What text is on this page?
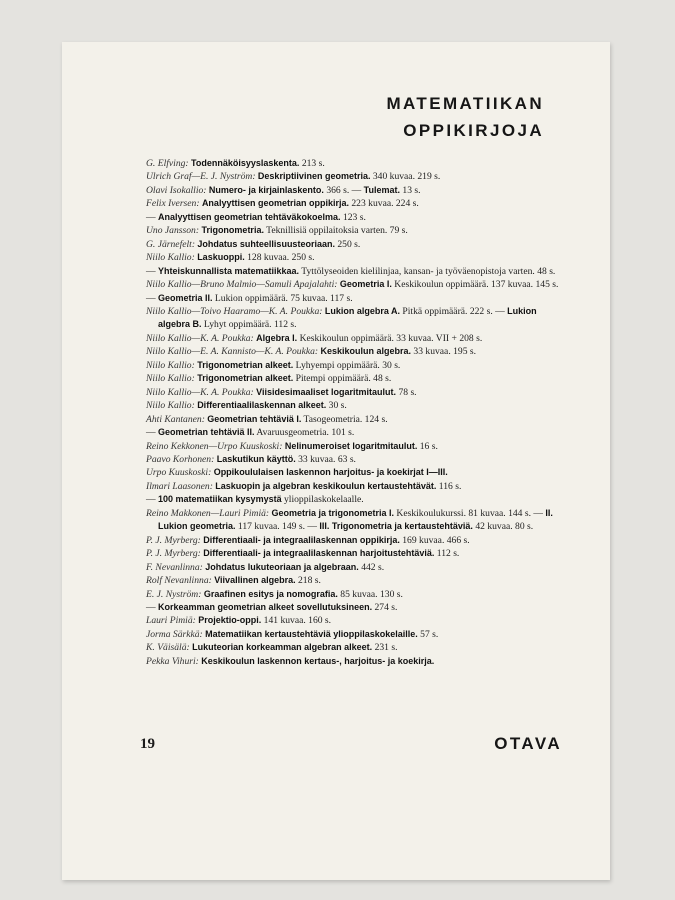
MATEMATIIKAN
OPPIKIRJOJA
G. Elfving: Todennäköisyyslaskenta. 213 s.
Ulrich Graf—E. J. Nyström: Deskriptiivinen geometria. 340 kuvaa. 219 s.
Olavi Isokallio: Numero- ja kirjainlaskento. 366 s. — Tulemat. 13 s.
Felix Iversen: Analyyttisen geometrian oppikirja. 223 kuvaa. 224 s.
— Analyyttisen geometrian tehtäväkokoelma. 123 s.
Uno Jansson: Trigonometria. Teknillisiä oppilaitoksia varten. 79 s.
G. Järnefelt: Johdatus suhteellisuusteoriaan. 250 s.
Niilo Kallio: Laskuoppi. 128 kuvaa. 250 s.
— Yhteiskunnallista matematiikkaa. Tyttölyseoiden kielilinjaa, kansan- ja työväenopistoja varten. 48 s.
Niilo Kallio—Bruno Malmio—Samuli Apajalahti: Geometria I. Keskikoulun oppimäärä. 137 kuvaa. 145 s.
— Geometria II. Lukion oppimäärä. 75 kuvaa. 117 s.
Niilo Kallio—Toivo Haaramo—K. A. Poukka: Lukion algebra A. Pitkä oppimäärä. 222 s. — Lukion algebra B. Lyhyt oppimäärä. 112 s.
Niilo Kallio—K. A. Poukka: Algebra I. Keskikoulun oppimäärä. 33 kuvaa. VII + 208 s.
Niilo Kallio—E. A. Kannisto—K. A. Poukka: Keskikoulun algebra. 33 kuvaa. 195 s.
Niilo Kallio: Trigonometrian alkeet. Lyhyempi oppimäärä. 30 s.
Niilo Kallio: Trigonometrian alkeet. Pitempi oppimäärä. 48 s.
Niilo Kallio—K. A. Poukka: Viisidesimaaliset logaritmitaulut. 78 s.
Niilo Kallio: Differentiaalilaskennan alkeet. 30 s.
Ahti Kantanen: Geometrian tehtäviä I. Tasogeometria. 124 s.
— Geometrian tehtäviä II. Avaruusgeometria. 101 s.
Reino Kekkonen—Urpo Kuuskoski: Nelinumeroiset logaritmitaulut. 16 s.
Paavo Korhonen: Laskutikun käyttö. 33 kuvaa. 63 s.
Urpo Kuuskoski: Oppikoululaisen laskennon harjoitus- ja koekirjat I—III.
Ilmari Laasonen: Laskuopin ja algebran keskikoulun kertaustehtävät. 116 s.
— 100 matematiikan kysymystä ylioppilaskokelaalle.
Reino Makkonen—Lauri Pimiä: Geometria ja trigonometria I. Keskikoulukurssi. 81 kuvaa. 144 s. — II. Lukion geometria. 117 kuvaa. 149 s. — III. Trigonometria ja kertaustehtäviä. 42 kuvaa. 80 s.
P. J. Myrberg: Differentiaali- ja integraalilaskennan oppikirja. 169 kuvaa. 466 s.
P. J. Myrberg: Differentiaali- ja integraalilaskennan harjoitustehtäviä. 112 s.
F. Nevanlinna: Johdatus lukuteoriaan ja algebraan. 442 s.
Rolf Nevanlinna: Viivallinen algebra. 218 s.
E. J. Nyström: Graafinen esitys ja nomografia. 85 kuvaa. 130 s.
— Korkeamman geometrian alkeet sovellutuksineen. 274 s.
Lauri Pimiä: Projektio-oppi. 141 kuvaa. 160 s.
Jorma Särkkä: Matematiikan kertaustehtäviä ylioppilaskokelaille. 57 s.
K. Väisälä: Lukuteorian korkeamman algebran alkeet. 231 s.
Pekka Vihuri: Keskikoulun laskennon kertaus-, harjoitus- ja koekirja.
19	OTAVA
